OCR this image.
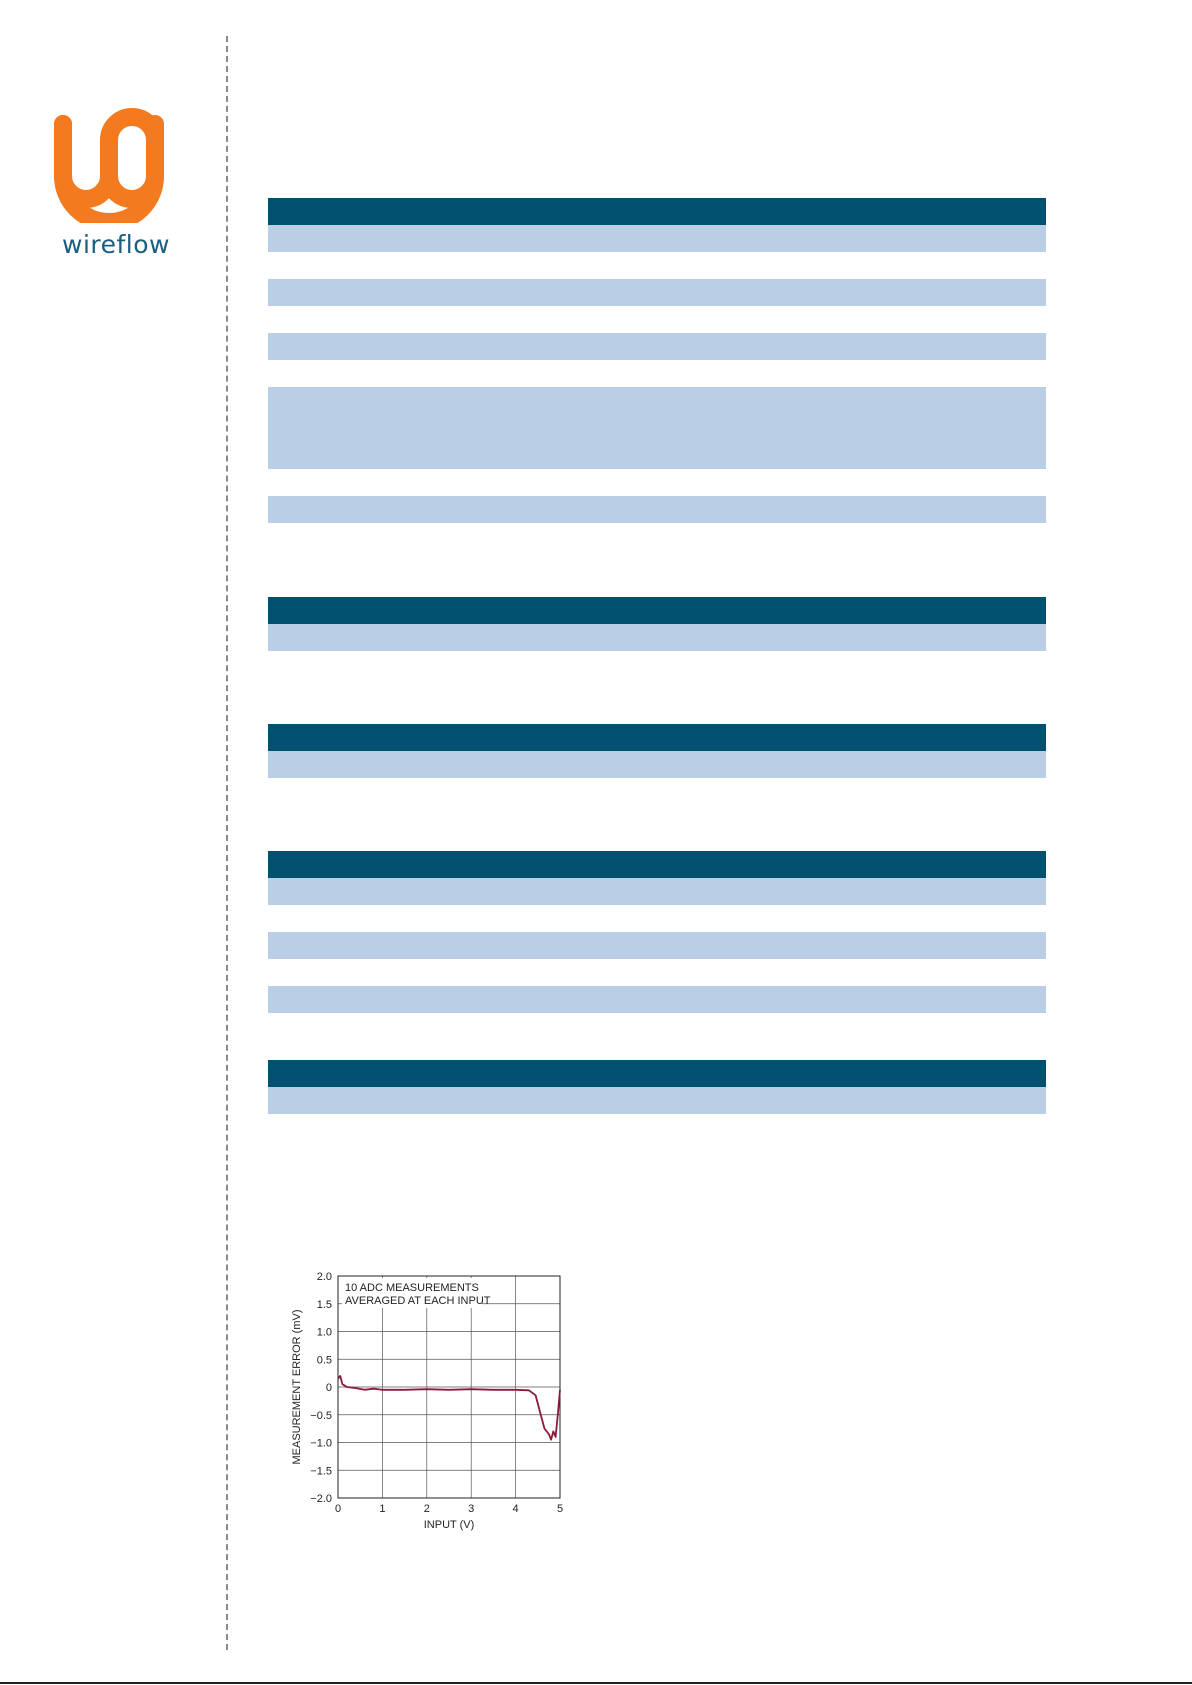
wireflow
10 ADC MEASUREMENTS
AVERAGED AT EACH INPUT
0	1	2	3	4	5
2.0
1.5
1.0
0.5
0
−0.5
−1.0
−1.5
−2.0
INPUT (V)
MEASUREMENT ERROR (mV)
